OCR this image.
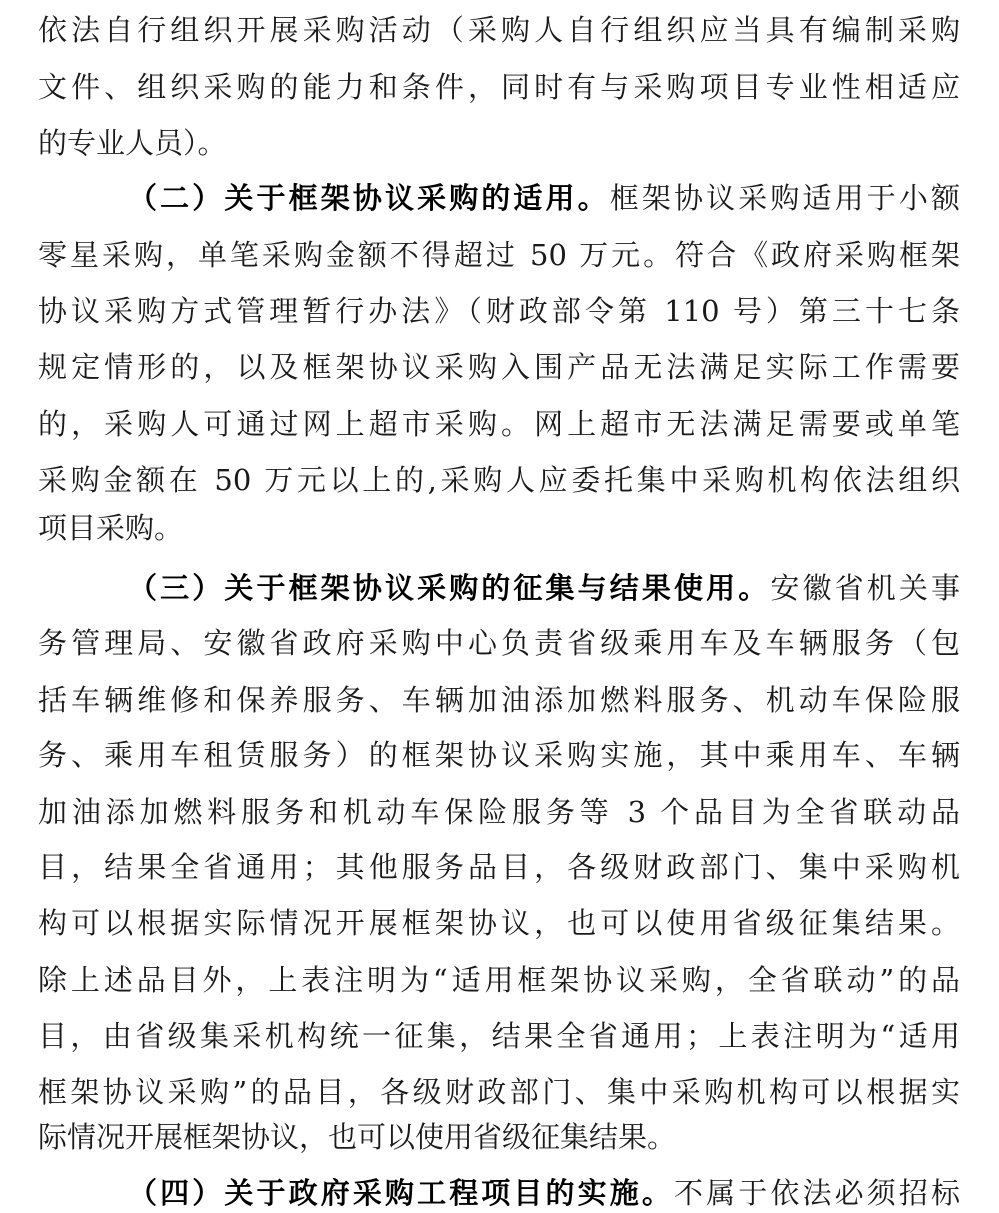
依法自行组织开展采购活动（采购人自行组织应当具有编制采购
文件、组织采购的能力和条件，同时有与采购项目专业性相适应
的专业人员）。
（二）关于框架协议采购的适用。框架协议采购适用于小额
零星采购，单笔采购金额不得超过 50 万元。符合《政府采购框架
协议采购方式管理暂行办法》（财政部令第 110 号）第三十七条
规定情形的，以及框架协议采购入围产品无法满足实际工作需要
的，采购人可通过网上超市采购。网上超市无法满足需要或单笔
采购金额在 50 万元以上的,采购人应委托集中采购机构依法组织
项目采购。
（三）关于框架协议采购的征集与结果使用。安徽省机关事
务管理局、安徽省政府采购中心负责省级乘用车及车辆服务（包
括车辆维修和保养服务、车辆加油添加燃料服务、机动车保险服
务、乘用车租赁服务）的框架协议采购实施，其中乘用车、车辆
加油添加燃料服务和机动车保险服务等 3 个品目为全省联动品
目，结果全省通用；其他服务品目，各级财政部门、集中采购机
构可以根据实际情况开展框架协议，也可以使用省级征集结果。
除上述品目外，上表注明为“适用框架协议采购，全省联动”的品
目，由省级集采机构统一征集，结果全省通用；上表注明为“适用
框架协议采购”的品目，各级财政部门、集中采购机构可以根据实
际情况开展框架协议，也可以使用省级征集结果。
（四）关于政府采购工程项目的实施。不属于依法必须招标
